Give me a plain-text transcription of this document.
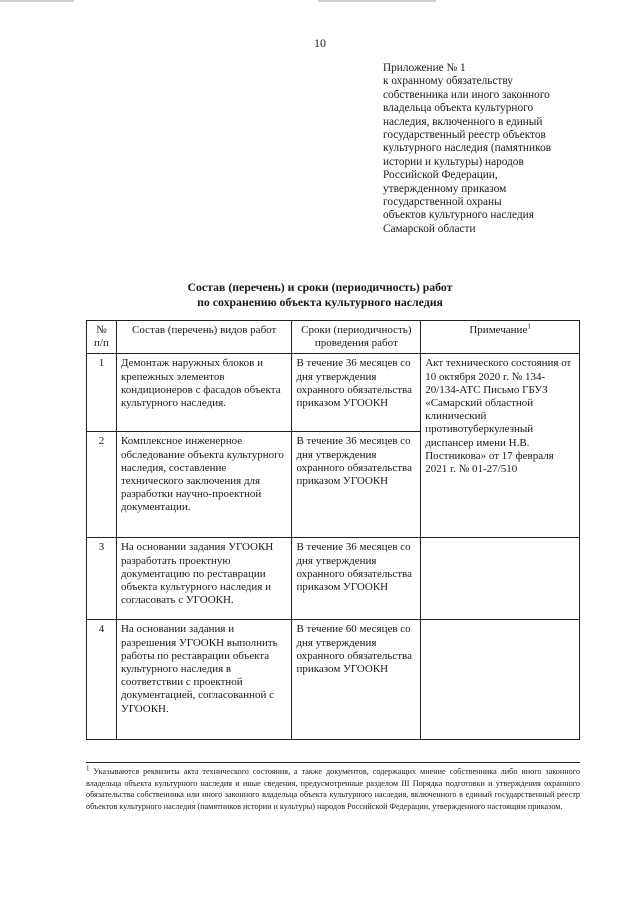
10
Приложение № 1
к охранному обязательству
собственника или иного законного
владельца объекта культурного
наследия, включенного в единый
государственный реестр объектов
культурного наследия (памятников
истории и культуры) народов
Российской Федерации,
утвержденному приказом
государственной охраны
объектов культурного наследия
Самарской области
Состав (перечень) и сроки (периодичность) работ
по сохранению объекта культурного наследия
№ п/п	Состав (перечень) видов работ	Сроки (периодичность) проведения работ	Примечание$^1$
1	Демонтаж наружных блоков и крепежных элементов кондиционеров с фасадов объекта культурного наследия.	В течение 36 месяцев со дня утверждения охранного обязательства приказом УГООКН	Акт технического состояния от 10 октября 2020 г. № 134-20/134-АТС Письмо ГБУЗ «Самарский областной клинический противотуберкулезный диспансер имени Н.В. Постникова» от 17 февраля 2021 г. № 01-27/510
2	Комплексное инженерное обследование объекта культурного наследия, составление технического заключения для разработки научно-проектной документации.	В течение 36 месяцев со дня утверждения охранного обязательства приказом УГООКН	
3	На основании задания УГООКН разработать проектную документацию по реставрации объекта культурного наследия и согласовать с УГООКН.	В течение 36 месяцев со дня утверждения охранного обязательства приказом УГООКН	
4	На основании задания и разрешения УГООКН выполнить работы по реставрации объекта культурного наследия в соответствии с проектной документацией, согласованной с УГООКН.	В течение 60 месяцев со дня утверждения охранного обязательства приказом УГООКН	
$^1$ Указываются реквизиты акта технического состояния, а также документов, содержащих мнение собственника либо иного законного владельца объекта культурного наследия и иные сведения, предусмотренные разделом III Порядка подготовки и утверждения охранного обязательства собственника или иного законного владельца объекта культурного наследия, включенного в единый государственный реестр объектов культурного наследия (памятников истории и культуры) народов Российской Федерации, утвержденного настоящим приказом.
